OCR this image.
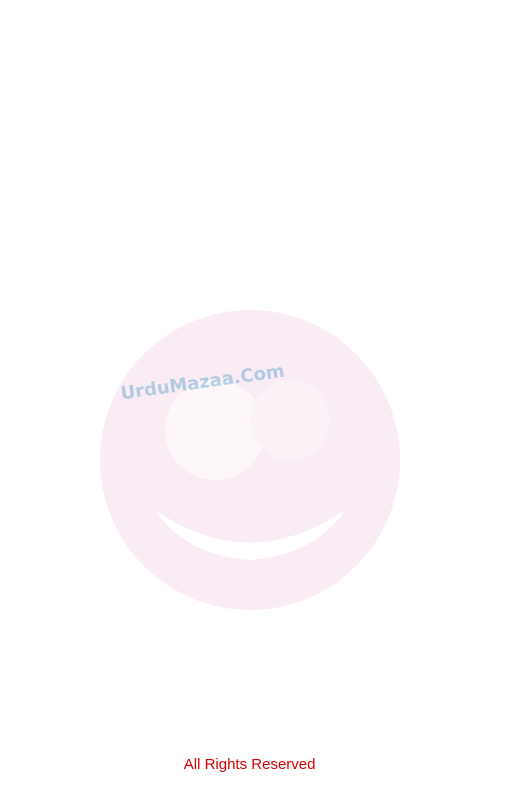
UrduMazaa.Com

All Rights Reserved
